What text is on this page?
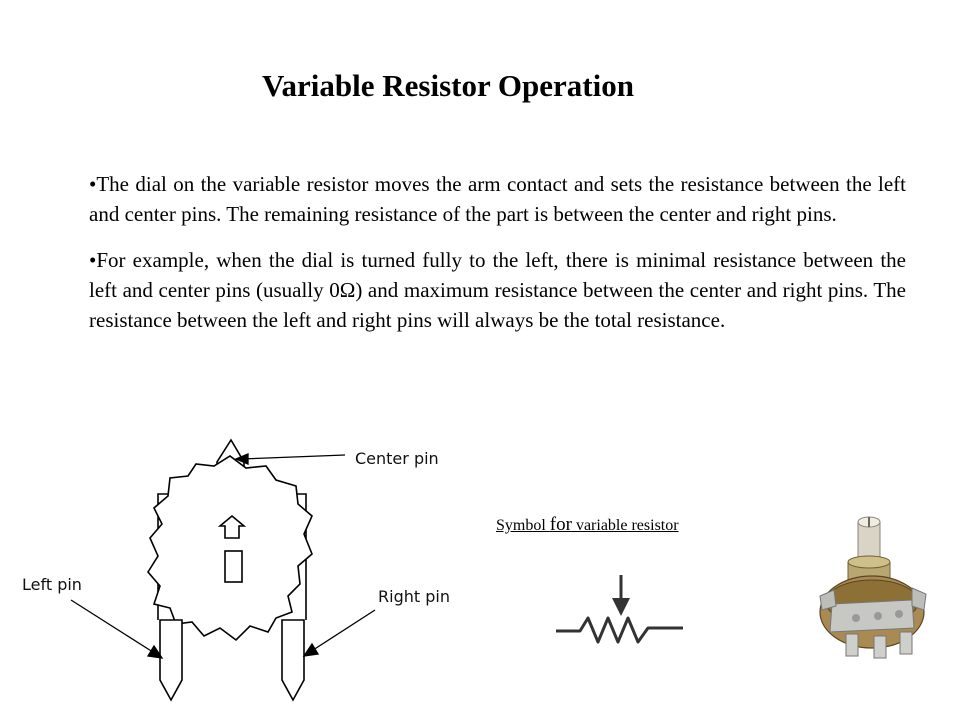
Variable Resistor Operation

•The dial on the variable resistor moves the arm contact and sets the resistance between the left and center pins. The remaining resistance of the part is between the center and right pins.

•For example, when the dial is turned fully to the left, there is minimal resistance between the left and center pins (usually 0Ω) and maximum resistance between the center and right pins. The resistance between the left and right pins will always be the total resistance.

Center pin
Left pin
Right pin
Symbol for variable resistor
